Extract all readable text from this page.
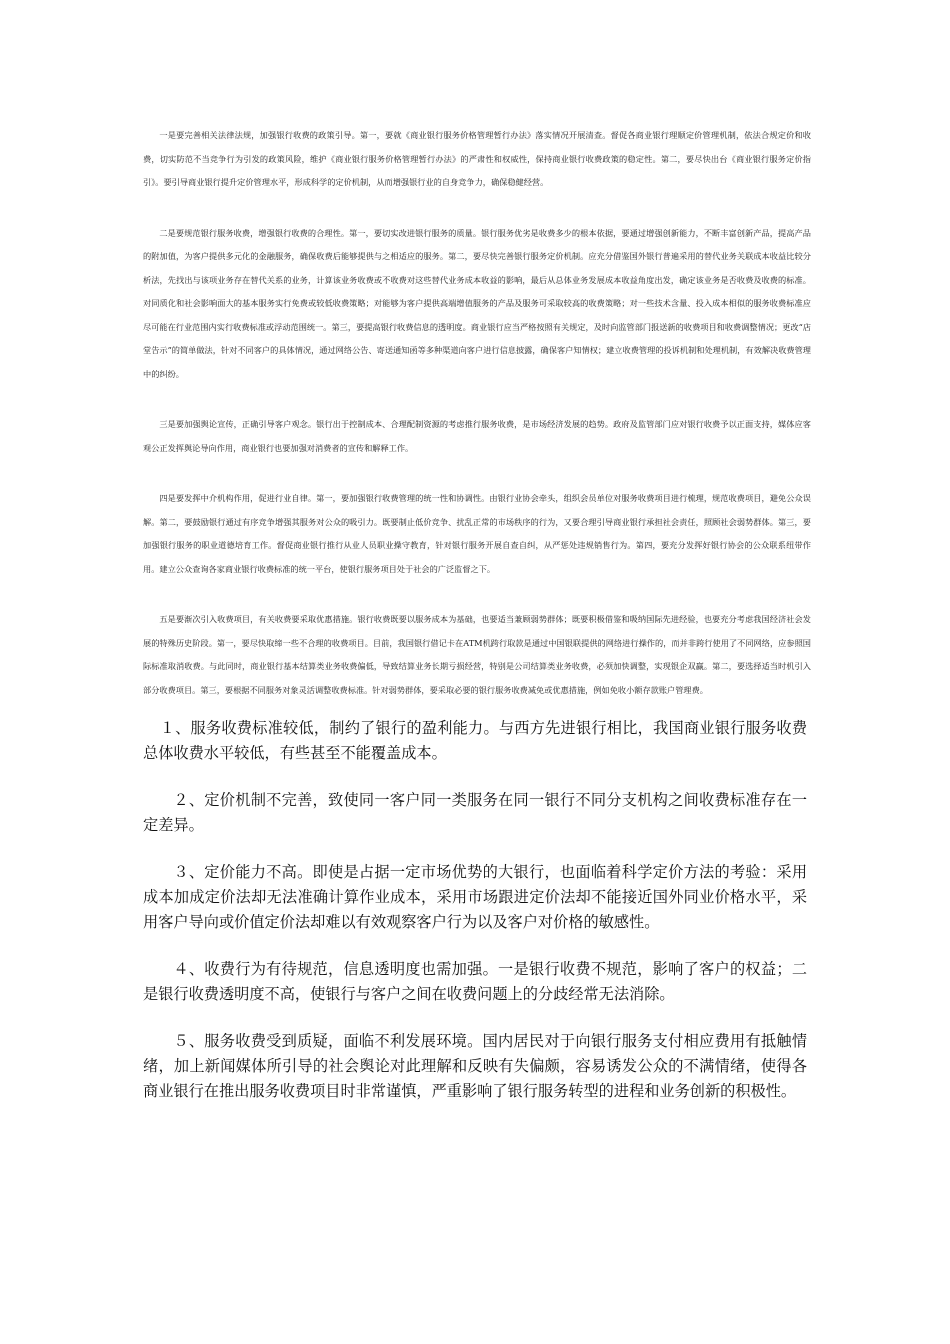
一是要完善相关法律法规，加强银行收费的政策引导。第一，要就《商业银行服务价格管理暂行办法》落实情况开展清查。督促各商业银行理顺定价管理机制，依法合规定价和收费，切实防范不当竞争行为引发的政策风险，维护《商业银行服务价格管理暂行办法》的严肃性和权威性，保持商业银行收费政策的稳定性。第二，要尽快出台《商业银行服务定价指引》。要引导商业银行提升定价管理水平，形成科学的定价机制，从而增强银行业的自身竞争力，确保稳健经营。

二是要规范银行服务收费，增强银行收费的合理性。第一，要切实改进银行服务的质量。银行服务优劣是收费多少的根本依据，要通过增强创新能力，不断丰富创新产品，提高产品的附加值，为客户提供多元化的金融服务，确保收费后能够提供与之相适应的服务。第二，要尽快完善银行服务定价机制。应充分借鉴国外银行普遍采用的替代业务关联成本收益比较分析法，先找出与该项业务存在替代关系的业务，计算该业务收费或不收费对这些替代业务成本收益的影响，最后从总体业务发展成本收益角度出发，确定该业务是否收费及收费的标准。对同质化和社会影响面大的基本服务实行免费或较低收费策略；对能够为客户提供高端增值服务的产品及服务可采取较高的收费策略；对一些技术含量、投入成本相似的服务收费标准应尽可能在行业范围内实行收费标准或浮动范围统一。第三，要提高银行收费信息的透明度。商业银行应当严格按照有关规定，及时向监管部门报送新的收费项目和收费调整情况；更改“店堂告示”的简单做法，针对不同客户的具体情况，通过网络公告、寄送通知函等多种渠道向客户进行信息披露，确保客户知情权；建立收费管理的投诉机制和处理机制，有效解决收费管理中的纠纷。

三是要加强舆论宣传，正确引导客户观念。银行出于控制成本、合理配制资源的考虑推行服务收费，是市场经济发展的趋势。政府及监管部门应对银行收费予以正面支持，媒体应客观公正发挥舆论导向作用，商业银行也要加强对消费者的宣传和解释工作。

四是要发挥中介机构作用，促进行业自律。第一，要加强银行收费管理的统一性和协调性。由银行业协会牵头，组织会员单位对服务收费项目进行梳理，规范收费项目，避免公众误解。第二，要鼓励银行通过有序竞争增强其服务对公众的吸引力。既要制止低价竞争、扰乱正常的市场秩序的行为，又要合理引导商业银行承担社会责任，照顾社会弱势群体。第三，要加强银行服务的职业道德培育工作。督促商业银行推行从业人员职业操守教育，针对银行服务开展自查自纠，从严惩处违规销售行为。第四，要充分发挥好银行协会的公众联系纽带作用。建立公众查询各家商业银行收费标准的统一平台，使银行服务项目处于社会的广泛监督之下。

五是要渐次引入收费项目，有关收费要采取优惠措施。银行收费既要以服务成本为基础，也要适当兼顾弱势群体；既要积极借鉴和吸纳国际先进经验，也要充分考虑我国经济社会发展的特殊历史阶段。第一，要尽快取缔一些不合理的收费项目。目前，我国银行借记卡在ATM机跨行取款是通过中国银联提供的网络进行操作的，而并非跨行使用了不同网络，应参照国际标准取消收费。与此同时，商业银行基本结算类业务收费偏低，导致结算业务长期亏损经营，特别是公司结算类业务收费，必须加快调整，实现银企双赢。第二，要选择适当时机引入部分收费项目。第三，要根据不同服务对象灵活调整收费标准。针对弱势群体，要采取必要的银行服务收费减免或优惠措施，例如免收小额存款账户管理费。

１、服务收费标准较低，制约了银行的盈利能力。与西方先进银行相比，我国商业银行服务收费总体收费水平较低，有些甚至不能覆盖成本。

２、定价机制不完善，致使同一客户同一类服务在同一银行不同分支机构之间收费标准存在一定差异。

３、定价能力不高。即使是占据一定市场优势的大银行，也面临着科学定价方法的考验：采用成本加成定价法却无法准确计算作业成本，采用市场跟进定价法却不能接近国外同业价格水平，采用客户导向或价值定价法却难以有效观察客户行为以及客户对价格的敏感性。

４、收费行为有待规范，信息透明度也需加强。一是银行收费不规范，影响了客户的权益；二是银行收费透明度不高，使银行与客户之间在收费问题上的分歧经常无法消除。

５、服务收费受到质疑，面临不利发展环境。国内居民对于向银行服务支付相应费用有抵触情绪，加上新闻媒体所引导的社会舆论对此理解和反映有失偏颇，容易诱发公众的不满情绪，使得各商业银行在推出服务收费项目时非常谨慎，严重影响了银行服务转型的进程和业务创新的积极性。
